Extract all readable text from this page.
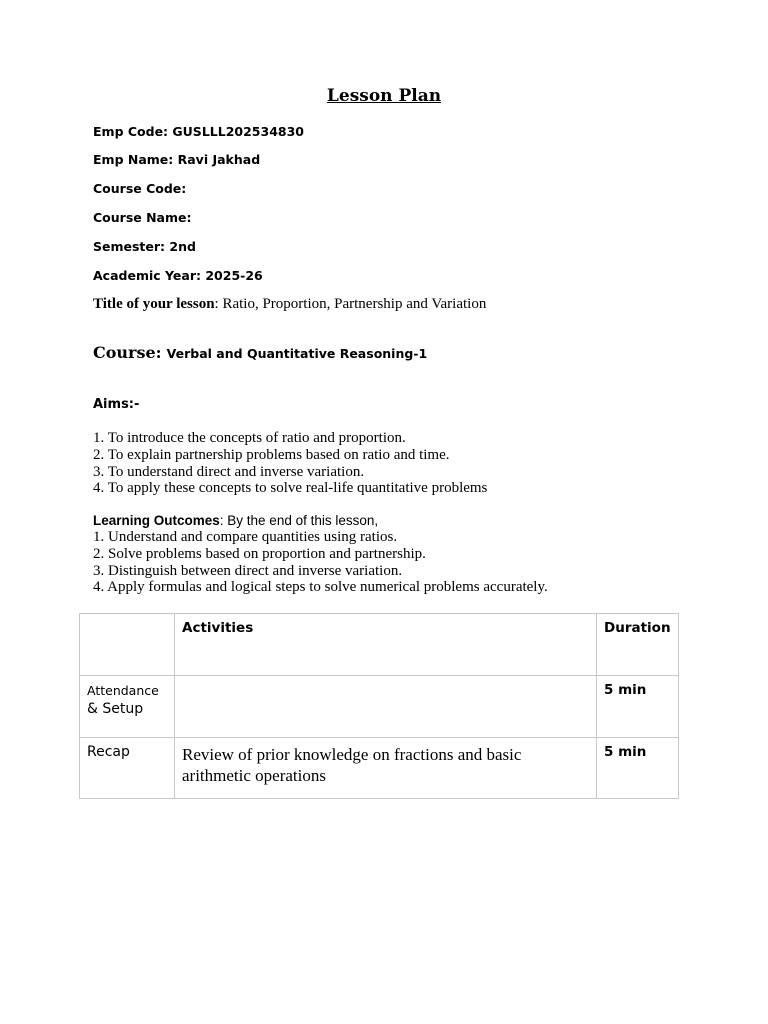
Lesson Plan
Emp Code: GUSLLL202534830
Emp Name: Ravi Jakhad
Course Code:
Course Name:
Semester: 2nd
Academic Year: 2025-26
Title of your lesson: Ratio, Proportion, Partnership and Variation
Course: Verbal and Quantitative Reasoning-1
Aims:-
1. To introduce the concepts of ratio and proportion.
2. To explain partnership problems based on ratio and time.
3. To understand direct and inverse variation.
4. To apply these concepts to solve real-life quantitative problems
Learning Outcomes: By the end of this lesson,
1. Understand and compare quantities using ratios.
2. Solve problems based on proportion and partnership.
3. Distinguish between direct and inverse variation.
4. Apply formulas and logical steps to solve numerical problems accurately.
	Activities	Duration

Attendance
& Setup		5 min
Recap	Review of prior knowledge on fractions and basic arithmetic operations	5 min
